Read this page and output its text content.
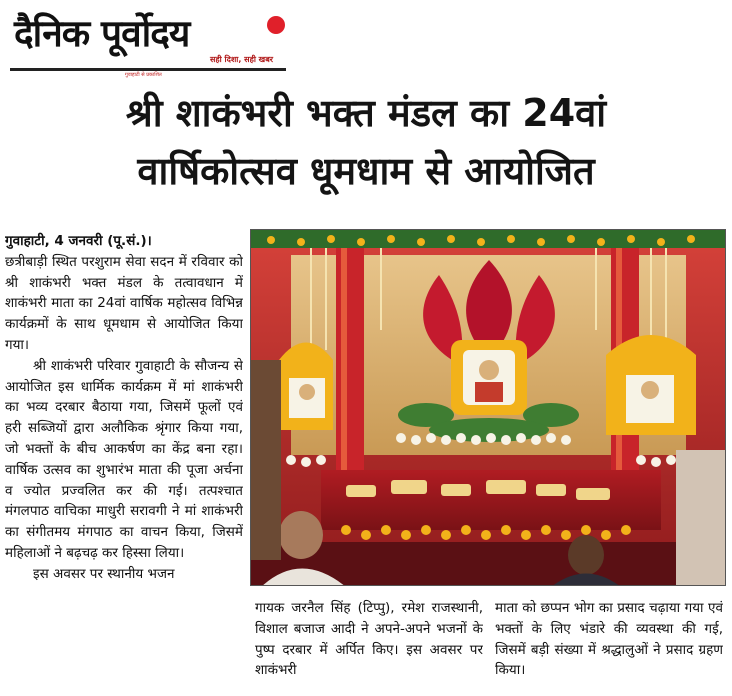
दैनिक पूर्वोदय
सही दिशा, सही खबर
गुवाहाटी से प्रकाशित
श्री शाकंभरी भक्त मंडल का 24वां
वार्षिकोत्सव धूमधाम से आयोजित
गुवाहाटी, 4 जनवरी (पू.सं.)।
छत्रीबाड़ी स्थित परशुराम सेवा सदन में रविवार को श्री शाकंभरी भक्त मंडल के तत्वावधान में शाकंभरी माता का 24वां वार्षिक महोत्सव विभिन्न कार्यक्रमों के साथ धूमधाम से आयोजित किया गया।
श्री शाकंभरी परिवार गुवाहाटी के सौजन्य से आयोजित इस धार्मिक कार्यक्रम में मां शाकंभरी का भव्य दरबार बैठाया गया, जिसमें फूलों एवं हरी सब्जियों द्वारा अलौकिक श्रृंगार किया गया, जो भक्तों के बीच आकर्षण का केंद्र बना रहा। वार्षिक उत्सव का शुभारंभ माता की पूजा अर्चना व ज्योत प्रज्वलित कर की गई। तत्पश्चात मंगलपाठ वाचिका माधुरी सरावगी ने मां शाकंभरी का संगीतमय मंगपाठ का वाचन किया, जिसमें महिलाओं ने बढ़चढ़ कर हिस्सा लिया।
इस अवसर पर स्थानीय भजन
गायक जरनैल सिंह (टिप्पु), रमेश राजस्थानी, विशाल बजाज आदी ने अपने-अपने भजनों के पुष्प दरबार में अर्पित किए। इस अवसर पर शाकंभरी
माता को छप्पन भोग का प्रसाद चढ़ाया गया एवं भक्तों के लिए भंडारे की व्यवस्था की गई, जिसमें बड़ी संख्या में श्रद्धालुओं ने प्रसाद ग्रहण किया।
